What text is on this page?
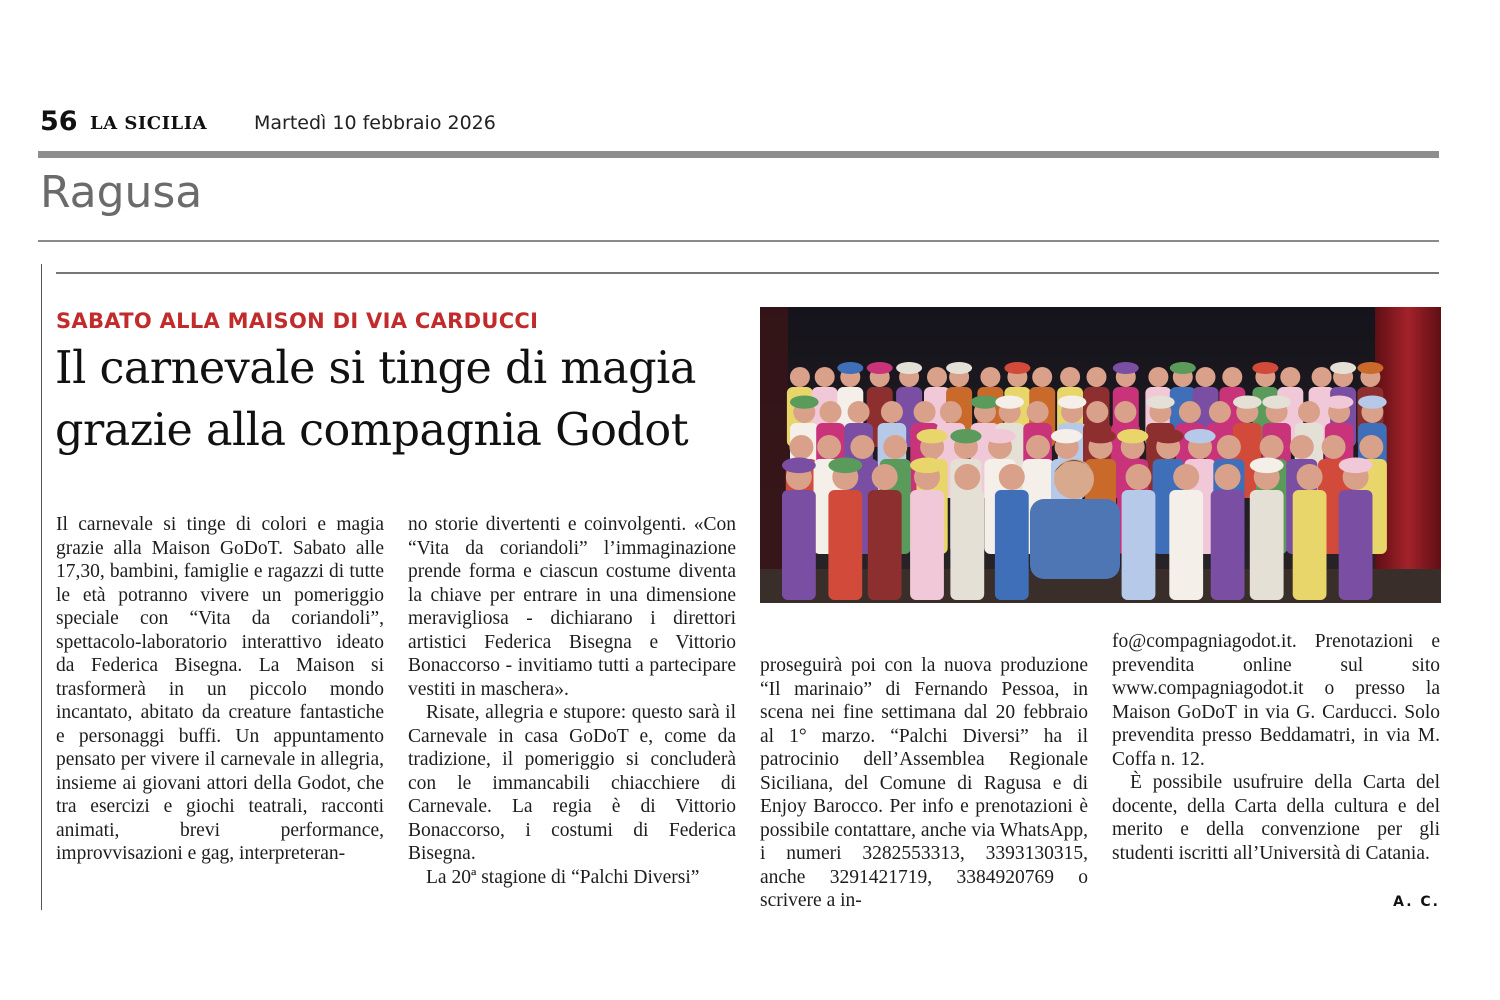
56 LA SICILIA Martedì 10 febbraio 2026
Ragusa
SABATO ALLA MAISON DI VIA CARDUCCI
Il carnevale si tinge di magia grazie alla compagnia Godot

Il carnevale si tinge di colori e magia grazie alla Maison GoDoT. Sabato alle 17,30, bambini, famiglie e ragazzi di tutte le età potranno vivere un pomeriggio speciale con “Vita da coriandoli”, spettacolo-laboratorio interattivo ideato da Federica Bisegna. La Maison si trasformerà in un piccolo mondo incantato, abitato da creature fantastiche e personaggi buffi. Un appuntamento pensato per vivere il carnevale in allegria, insieme ai giovani attori della Godot, che tra esercizi e giochi teatrali, racconti animati, brevi performance, improvvisazioni e gag, interpreteran-

no storie divertenti e coinvolgenti. «Con “Vita da coriandoli” l’immaginazione prende forma e ciascun costume diventa la chiave per entrare in una dimensione meravigliosa - dichiarano i direttori artistici Federica Bisegna e Vittorio Bonaccorso - invitiamo tutti a partecipare vestiti in maschera».

Risate, allegria e stupore: questo sarà il Carnevale in casa GoDoT e, come da tradizione, il pomeriggio si concluderà con le immancabili chiacchiere di Carnevale. La regia è di Vittorio Bonaccorso, i costumi di Federica Bisegna.

La 20ª stagione di “Palchi Diversi”

proseguirà poi con la nuova produzione “Il marinaio” di Fernando Pessoa, in scena nei fine settimana dal 20 febbraio al 1° marzo. “Palchi Diversi” ha il patrocinio dell’Assemblea Regionale Siciliana, del Comune di Ragusa e di Enjoy Barocco. Per info e prenotazioni è possibile contattare, anche via WhatsApp, i numeri 3282553313, 3393130315, anche 3291421719, 3384920769 o scrivere a in-

fo@compagniagodot.it. Prenotazioni e prevendita online sul sito www.compagniagodot.it o presso la Maison GoDoT in via G. Carducci. Solo prevendita presso Beddamatri, in via M. Coffa n. 12.

È possibile usufruire della Carta del docente, della Carta della cultura e del merito e della convenzione per gli studenti iscritti all’Università di Catania.

A. C.
